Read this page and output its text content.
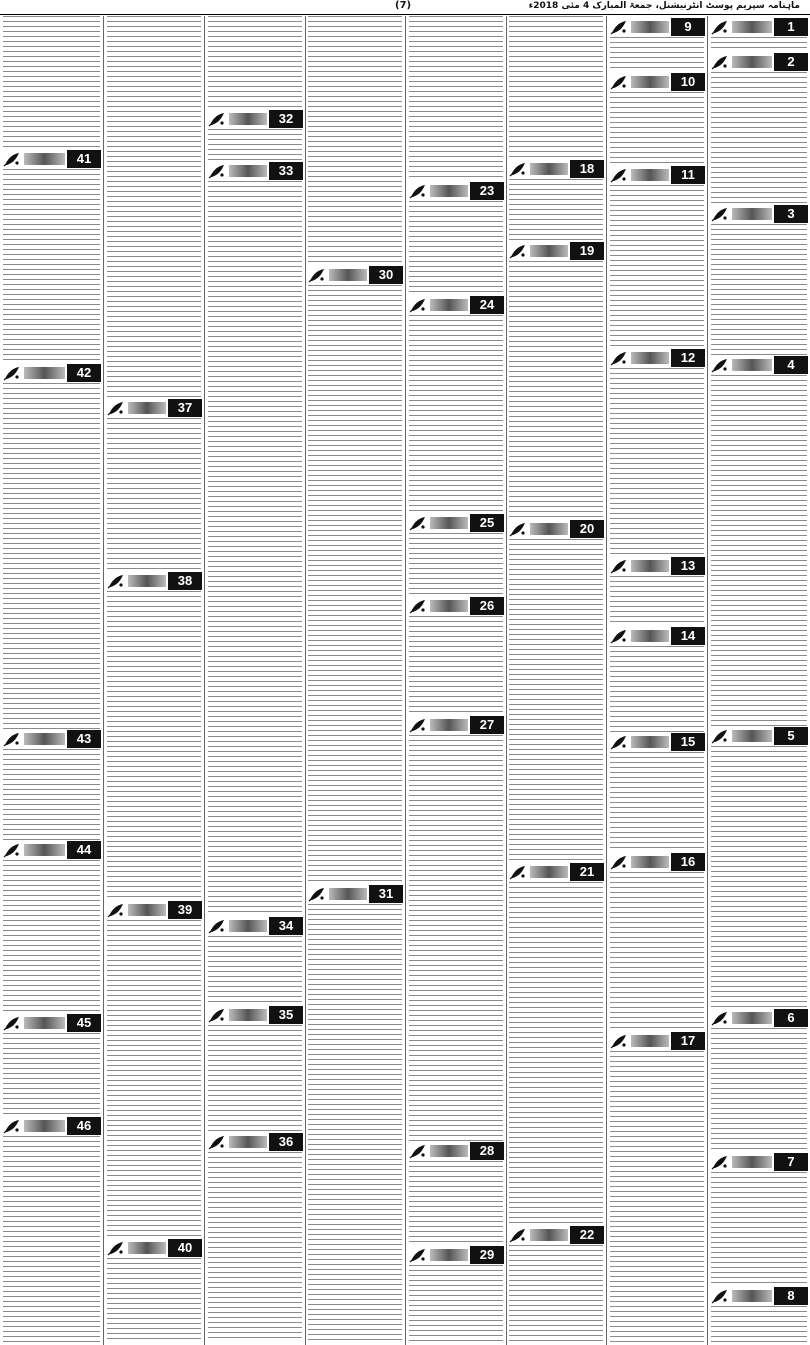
(7)	ماہنامہ سپریم پوسٹ انٹرنیشنل، جمعۃ المبارک 4 مئی 2018ء
1
2
3
4
5
6
7
8
9
10
11
12
13
14
15
16
17
18
19
20
21
22
23
24
25
26
27
28
29
30
31
32
33
34
35
36
37
38
39
40
41
42
43
44
45
46
